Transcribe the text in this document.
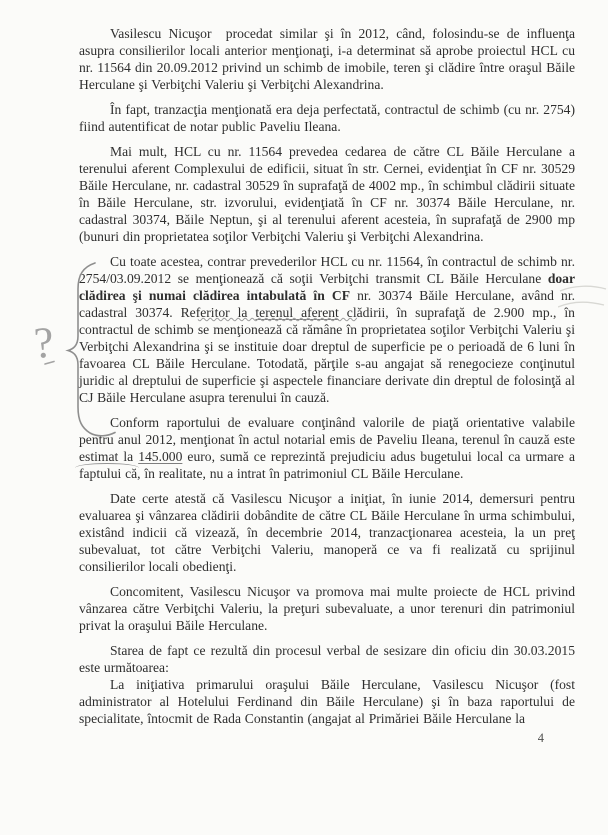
Vasilescu Nicuşor  procedat similar şi în 2012, când, folosindu-se de influenţa asupra consilierilor locali anterior menţionaţi, i-a determinat să aprobe proiectul HCL cu nr. 11564 din 20.09.2012 privind un schimb de imobile, teren şi clădire între oraşul Băile Herculane şi Verbiţchi Valeriu şi Verbiţchi Alexandrina.

În fapt, tranzacţia menţionată era deja perfectată, contractul de schimb (cu nr. 2754) fiind autentificat de notar public Paveliu Ileana.

Mai mult, HCL cu nr. 11564 prevedea cedarea de către CL Băile Herculane a terenului aferent Complexului de edificii, situat în str. Cernei, evidenţiat în CF nr. 30529 Băile Herculane, nr. cadastral 30529 în suprafaţă de 4002 mp., în schimbul clădirii situate în Băile Herculane, str. izvorului, evidenţiată în CF nr. 30374 Băile Herculane, nr. cadastral 30374, Băile Neptun, şi al terenului aferent acesteia, în suprafaţă de 2900 mp (bunuri din proprietatea soţilor Verbiţchi Valeriu şi Verbiţchi Alexandrina.

Cu toate acestea, contrar prevederilor HCL cu nr. 11564, în contractul de schimb nr. 2754/03.09.2012 se menţionează că soţii Verbiţchi transmit CL Băile Herculane doar clădirea şi numai clădirea intabulată în CF nr. 30374 Băile Herculane, având nr. cadastral 30374. Referitor la terenul aferent clădirii, în suprafaţă de 2.900 mp., în contractul de schimb se menţionează că rămâne în proprietatea soţilor Verbiţchi Valeriu şi Verbiţchi Alexandrina şi se instituie doar dreptul de superficie pe o perioadă de 6 luni în favoarea CL Băile Herculane. Totodată, părţile s-au angajat să renegocieze conţinutul juridic al dreptului de superficie şi aspectele financiare derivate din dreptul de folosinţă al CJ Băile Herculane asupra terenului în cauză.

Conform raportului de evaluare conţinând valorile de piaţă orientative valabile pentru anul 2012, menţionat în actul notarial emis de Paveliu Ileana, terenul în cauză este estimat la 145.000 euro, sumă ce reprezintă prejudiciu adus bugetului local ca urmare a faptului că, în realitate, nu a intrat în patrimoniul CL Băile Herculane.

Date certe atestă că Vasilescu Nicuşor a iniţiat, în iunie 2014, demersuri pentru evaluarea şi vânzarea clădirii dobândite de către CL Băile Herculane în urma schimbului, existând indicii că vizează, în decembrie 2014, tranzacţionarea acesteia, la un preţ subevaluat, tot către Verbiţchi Valeriu, manoperă ce va fi realizată cu sprijinul consilierilor locali obedienţi.

Concomitent, Vasilescu Nicuşor va promova mai multe proiecte de HCL privind vânzarea către Verbiţchi Valeriu, la preţuri subevaluate, a unor terenuri din patrimoniul privat la oraşului Băile Herculane.

Starea de fapt ce rezultă din procesul verbal de sesizare din oficiu din 30.03.2015 este următoarea:

La iniţiativa primarului oraşului Băile Herculane, Vasilescu Nicuşor (fost administrator al Hotelului Ferdinand din Băile Herculane) şi în baza raportului de specialitate, întocmit de Rada Constantin (angajat al Primăriei Băile Herculane la

4
?
